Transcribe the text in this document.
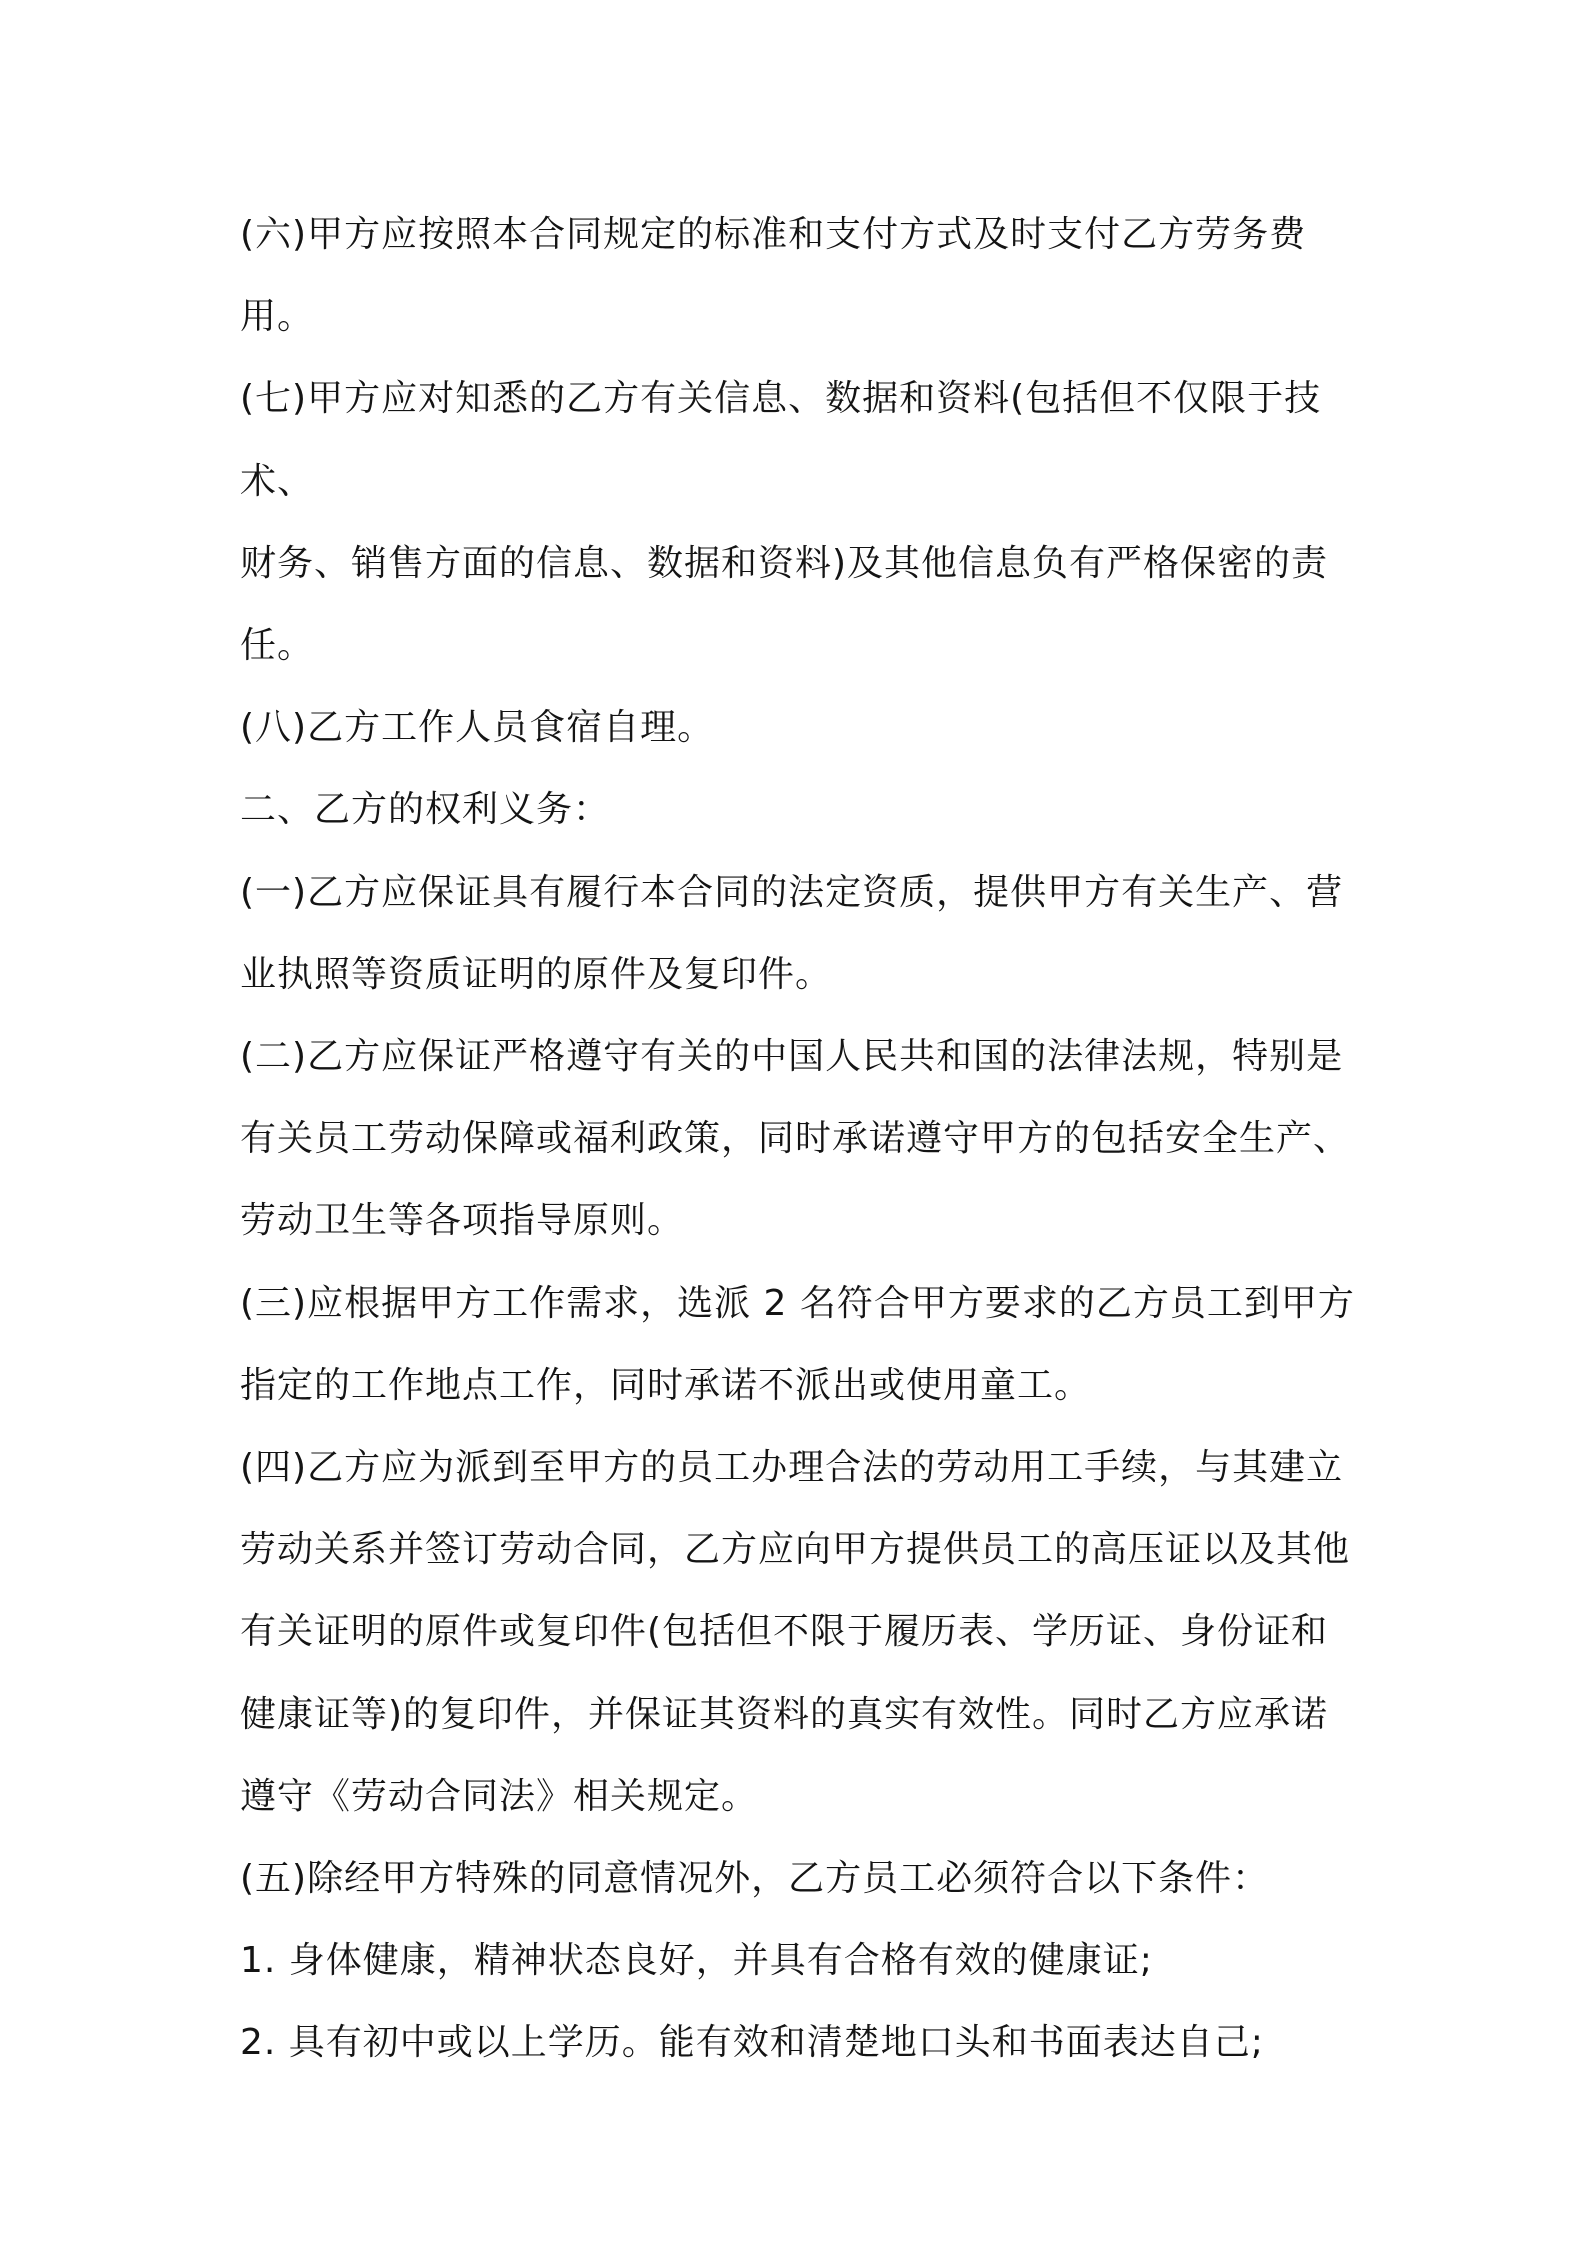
(六)甲方应按照本合同规定的标准和支付方式及时支付乙方劳务费
用。

(七)甲方应对知悉的乙方有关信息、数据和资料(包括但不仅限于技术、
财务、销售方面的信息、数据和资料)及其他信息负有严格保密的责
任。

(八)乙方工作人员食宿自理。

二、乙方的权利义务：

(一)乙方应保证具有履行本合同的法定资质，提供甲方有关生产、营
业执照等资质证明的原件及复印件。

(二)乙方应保证严格遵守有关的中国人民共和国的法律法规，特别是
有关员工劳动保障或福利政策，同时承诺遵守甲方的包括安全生产、
劳动卫生等各项指导原则。

(三)应根据甲方工作需求，选派 2 名符合甲方要求的乙方员工到甲方
指定的工作地点工作，同时承诺不派出或使用童工。

(四)乙方应为派到至甲方的员工办理合法的劳动用工手续，与其建立
劳动关系并签订劳动合同，乙方应向甲方提供员工的高压证以及其他
有关证明的原件或复印件(包括但不限于履历表、学历证、身份证和
健康证等)的复印件，并保证其资料的真实有效性。同时乙方应承诺
遵守《劳动合同法》相关规定。

(五)除经甲方特殊的同意情况外，乙方员工必须符合以下条件：

1. 身体健康，精神状态良好，并具有合格有效的健康证;

2. 具有初中或以上学历。能有效和清楚地口头和书面表达自己;
